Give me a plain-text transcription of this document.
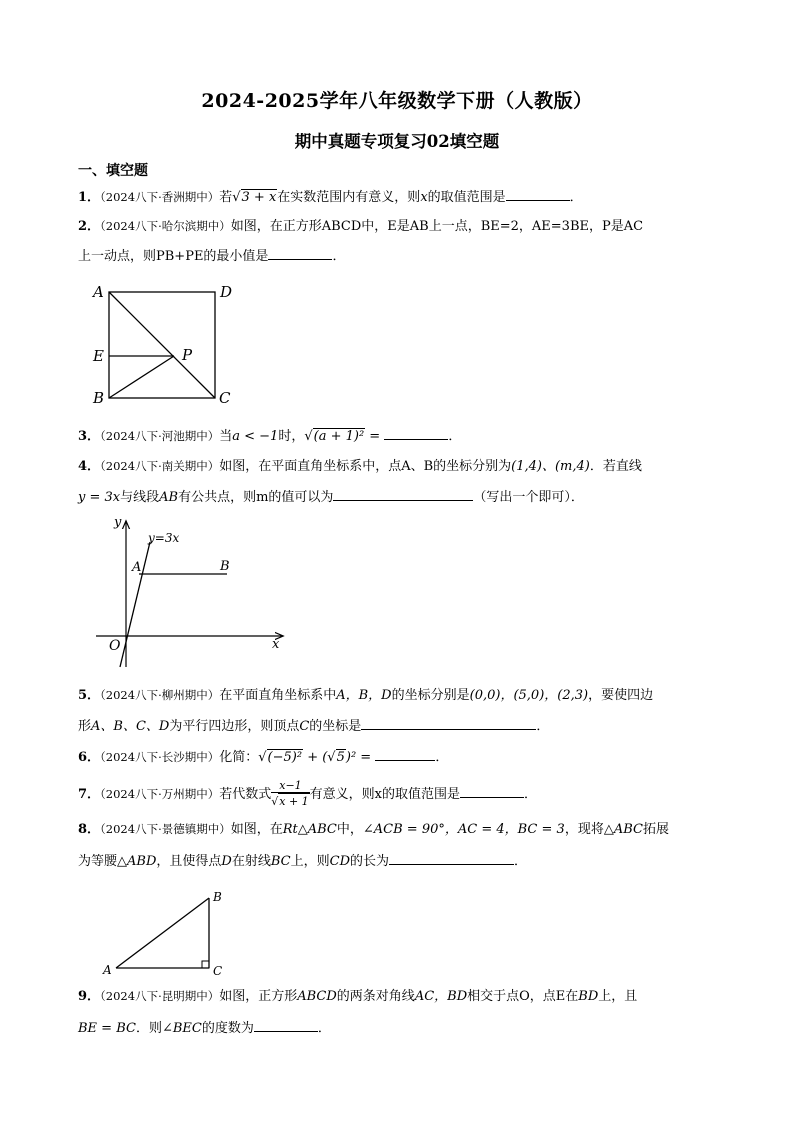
2024-2025学年八年级数学下册（人教版）
期中真题专项复习02填空题
一、填空题
1．（2024八下·香洲期中）若√3 + x在实数范围内有意义，则x的取值范围是	．
2．（2024八下·哈尔滨期中）如图，在正方形ABCD中，E是AB上一点，BE=2，AE=3BE，P是AC
上一动点，则PB+PE的最小值是	．
A	D
E	P
B	C
3．（2024八下·河池期中）当a < −1时，√(a + 1)² =	．
4．（2024八下·南关期中）如图，在平面直角坐标系中，点A、B的坐标分别为(1,4)、(m,4)．若直线
y = 3x与线段AB有公共点，则m的值可以为	（写出一个即可）．
y
x
O
A	B
y=3x
5．（2024八下·柳州期中）在平面直角坐标系中A，B，D的坐标分别是(0,0)，(5,0)，(2,3)，要使四边
形A、B、C、D为平行四边形，则顶点C的坐标是	．
6．（2024八下·长沙期中）化简：√(−5)² + (√5)² =	．
7．（2024八下·万州期中）若代数式 $\frac{x-1}{√x + 1}$ 有意义，则x的取值范围是	．
8．（2024八下·景德镇期中）如图，在Rt△ABC中，∠ACB = 90°，AC = 4，BC = 3，现将△ABC拓展
为等腰△ABD，且使得点D在射线BC上，则CD的长为	．
A
B
C
9．（2024八下·昆明期中）如图，正方形ABCD的两条对角线AC，BD相交于点O，点E在BD上，且
BE = BC．则∠BEC的度数为	．
